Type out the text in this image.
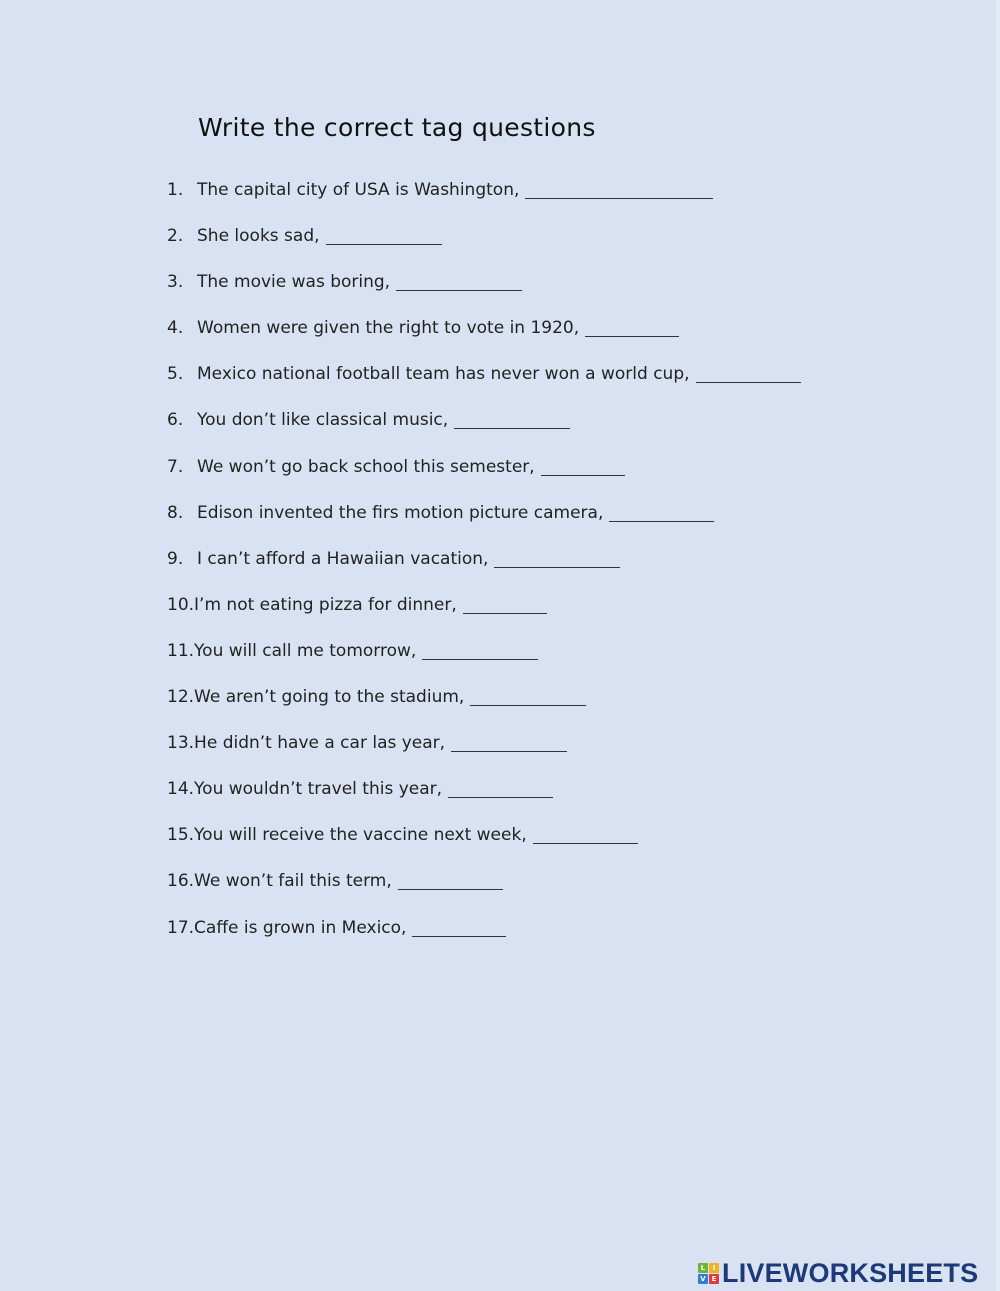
Write the correct tag questions
1. The capital city of USA is Washington,
2. She looks sad,
3. The movie was boring,
4. Women were given the right to vote in 1920,
5. Mexico national football team has never won a world cup,
6. You don’t like classical music,
7. We won’t go back school this semester,
8. Edison invented the firs motion picture camera,
9. I can’t afford a Hawaiian vacation,
10. I’m not eating pizza for dinner,
11. You will call me tomorrow,
12. We aren’t going to the stadium,
13. He didn’t have a car las year,
14. You wouldn’t travel this year,
15. You will receive the vaccine next week,
16. We won’t fail this term,
17. Caffe is grown in Mexico,
L	I
V E LIVEWORKSHEETS
